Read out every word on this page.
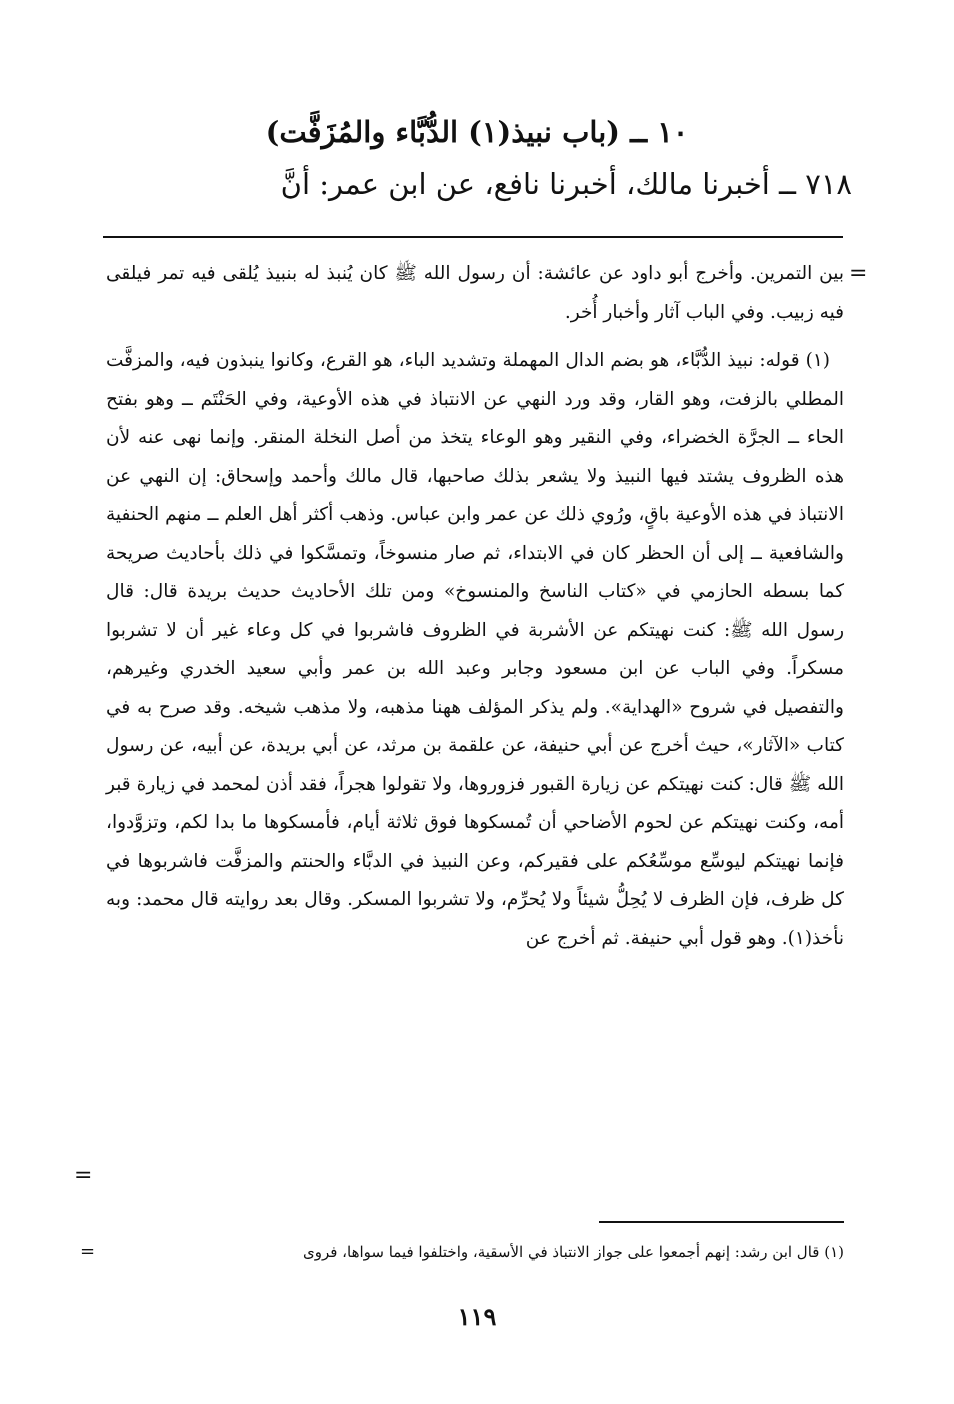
١٠ ــ (باب نبيذ(١) الدُّبَّاء والمُزَفَّت)
٧١٨ ــ أخبرنا مالك، أخبرنا نافع، عن ابن عمر: أنَّ

بين التمرين. وأخرج أبو داود عن عائشة: أن رسول الله ﷺ كان يُنبذ له بنبيذ يُلقى فيه تمر فيلقى فيه زبيب. وفي الباب آثار وأخبار أُخر.

(١) قوله: نبيذ الدُّبَّاء، هو بضم الدال المهملة وتشديد الباء، هو القرع، وكانوا ينبذون فيه، والمزفَّت المطلي بالزفت، وهو القار، وقد ورد النهي عن الانتباذ في هذه الأوعية، وفي الحَنْتَم ــ وهو بفتح الحاء ــ الجرَّة الخضراء، وفي النقير وهو الوعاء يتخذ من أصل النخلة المنقر. وإنما نهى عنه لأن هذه الظروف يشتد فيها النبيذ ولا يشعر بذلك صاحبها، قال مالك وأحمد وإسحاق: إن النهي عن الانتباذ في هذه الأوعية باقٍ، ورُوي ذلك عن عمر وابن عباس. وذهب أكثر أهل العلم ــ منهم الحنفية والشافعية ــ إلى أن الحظر كان في الابتداء، ثم صار منسوخاً، وتمسَّكوا في ذلك بأحاديث صريحة كما بسطه الحازمي في «كتاب الناسخ والمنسوخ» ومن تلك الأحاديث حديث بريدة قال: قال رسول الله ﷺ: كنت نهيتكم عن الأشربة في الظروف فاشربوا في كل وعاء غير أن لا تشربوا مسكراً. وفي الباب عن ابن مسعود وجابر وعبد الله بن عمر وأبي سعيد الخدري وغيرهم، والتفصيل في شروح «الهداية». ولم يذكر المؤلف ههنا مذهبه، ولا مذهب شيخه. وقد صرح به في كتاب «الآثار»، حيث أخرج عن أبي حنيفة، عن علقمة بن مرثد، عن أبي بريدة، عن أبيه، عن رسول الله ﷺ قال: كنت نهيتكم عن زيارة القبور فزوروها، ولا تقولوا هجراً، فقد أذن لمحمد في زيارة قبر أمه، وكنت نهيتكم عن لحوم الأضاحي أن تُمسكوها فوق ثلاثة أيام، فأمسكوها ما بدا لكم، وتزوَّدوا، فإنما نهيتكم ليوسِّع موسِّعُكم على فقيركم، وعن النبيذ في الدبَّاء والحنتم والمزفَّت فاشربوها في كل ظرف، فإن الظرف لا يُحِلُّ شيئاً ولا يُحرِّم، ولا تشربوا المسكر. وقال بعد روايته قال محمد: وبه نأخذ(١). وهو قول أبي حنيفة. ثم أخرج عن

=
=
(١) قال ابن رشد: إنهم أجمعوا على جواز الانتباذ في الأسقية، واختلفوا فيما سواها، فروى
=
١١٩
